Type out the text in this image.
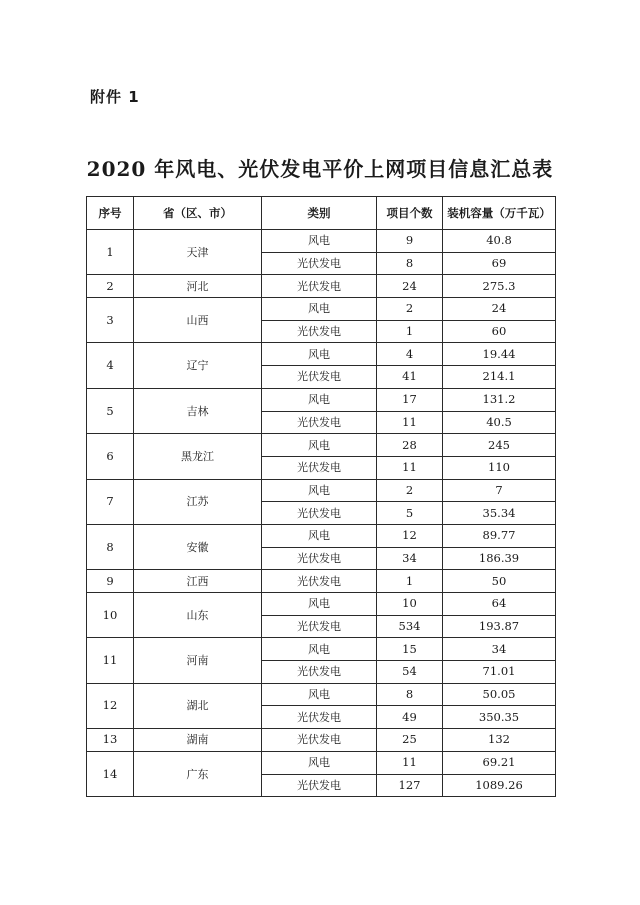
附件 1
2020 年风电、光伏发电平价上网项目信息汇总表
序号	省（区、市）	类别	项目个数	装机容量（万千瓦）
1	天津	风电	9	40.8
		光伏发电	8	69
2	河北	光伏发电	24	275.3
3	山西	风电	2	24
		光伏发电	1	60
4	辽宁	风电	4	19.44
		光伏发电	41	214.1
5	吉林	风电	17	131.2
		光伏发电	11	40.5
6	黑龙江	风电	28	245
		光伏发电	11	110
7	江苏	风电	2	7
		光伏发电	5	35.34
8	安徽	风电	12	89.77
		光伏发电	34	186.39
9	江西	光伏发电	1	50
10	山东	风电	10	64
		光伏发电	534	193.87
11	河南	风电	15	34
		光伏发电	54	71.01
12	湖北	风电	8	50.05
		光伏发电	49	350.35
13	湖南	光伏发电	25	132
14	广东	风电	11	69.21
		光伏发电	127	1089.26
